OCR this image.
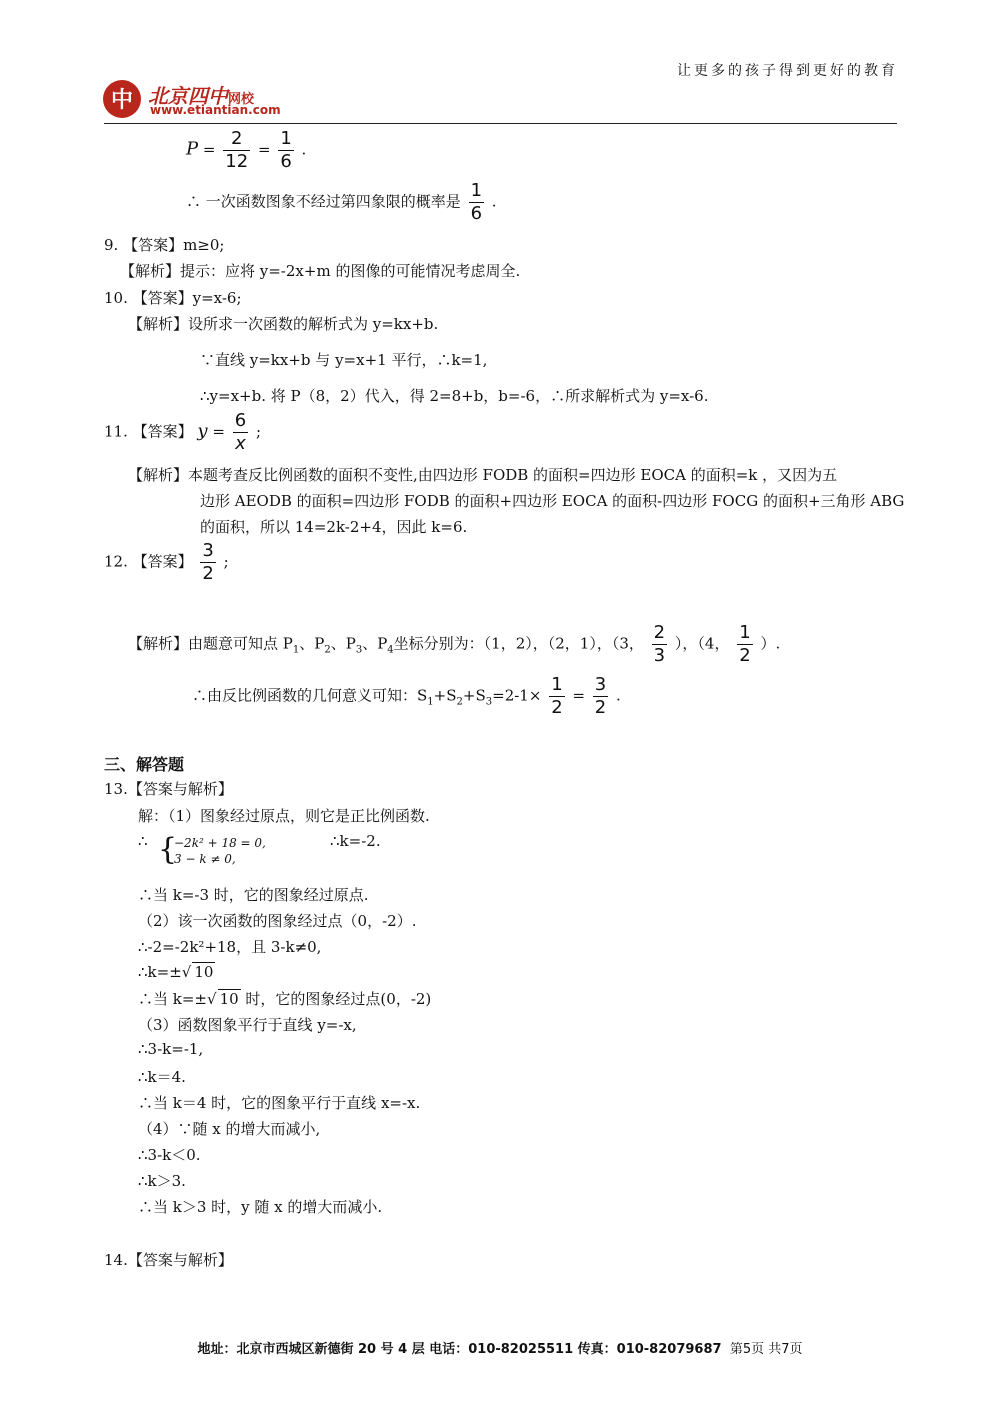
中 北京四中网校
www.etiantian.com
让更多的孩子得到更好的教育
$P = \frac{2}{12} = \frac{1}{6}$ .
∴ 一次函数图象不经过第四象限的概率是 $\frac{1}{6}$ .
9. 【答案】m≥0;
【解析】提示：应将 y=-2x+m 的图像的可能情况考虑周全.
10. 【答案】y=x-6;
【解析】设所求一次函数的解析式为 y=kx+b.
∵直线 y=kx+b 与 y=x+1 平行，∴k=1,
∴y=x+b. 将 P（8，2）代入，得 2=8+b，b=-6，∴所求解析式为 y=x-6.
11. 【答案】 $y = \frac{6}{x}$ ;
【解析】本题考查反比例函数的面积不变性,由四边形 FODB 的面积=四边形 EOCA 的面积=k ，又因为五
边形 AEODB 的面积=四边形 FODB 的面积+四边形 EOCA 的面积-四边形 FOCG 的面积+三角形 ABG
的面积，所以 14=2k-2+4，因此 k=6.
12. 【答案】 $\frac{3}{2}$ ;
【解析】由题意可知点 $P_1$、$P_2$、$P_3$、$P_4$坐标分别为：（1，2），（2，1），（3， $\frac{2}{3}$ ），（4， $\frac{1}{2}$ ）.
∴由反比例函数的几何意义可知：$S_1+S_2+S_3=2-1\times \frac{1}{2} = \frac{3}{2}$ .
三、解答题
13.【答案与解析】
解：（1）图象经过原点，则它是正比例函数.
∴ {
−2k² + 18 = 0,
3 − k ≠ 0,
∴k=-2.
∴当 k=-3 时，它的图象经过原点.
（2）该一次函数的图象经过点（0，-2）.
∴-2=-2k²+18，且 3-k≠0,
∴k=±√ 10
∴当 k=±√ 10 时，它的图象经过点(0，-2)
（3）函数图象平行于直线 y=-x,
∴3-k=-1,
∴k＝4.
∴当 k＝4 时，它的图象平行于直线 x=-x.
（4）∵随 x 的增大而减小,
∴3-k＜0.
∴k＞3.
∴当 k＞3 时，y 随 x 的增大而减小.
14.【答案与解析】
地址：北京市西城区新德街 20 号 4 层 电话：010-82025511 传真：010-82079687 第5页 共7页
